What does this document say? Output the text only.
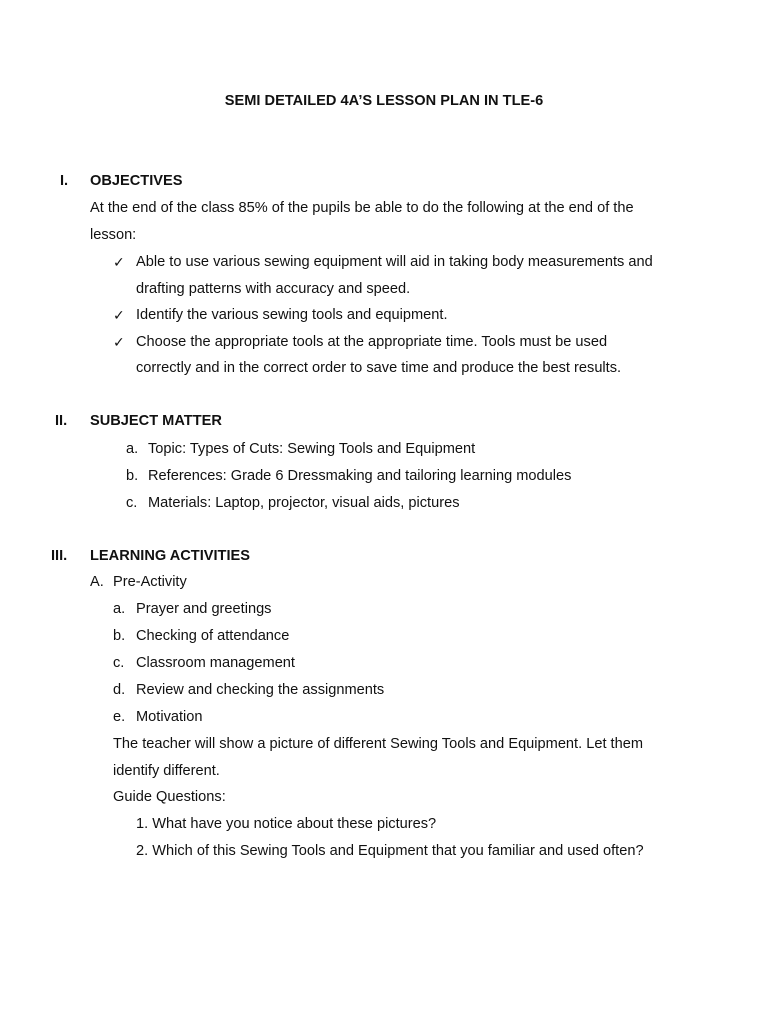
SEMI DETAILED 4A’S LESSON PLAN IN TLE-6
I. OBJECTIVES
At the end of the class 85% of the pupils be able to do the following at the end of the
lesson:
✓ Able to use various sewing equipment will aid in taking body measurements and
drafting patterns with accuracy and speed.
✓ Identify the various sewing tools and equipment.
✓ Choose the appropriate tools at the appropriate time. Tools must be used
correctly and in the correct order to save time and produce the best results.
II. SUBJECT MATTER
a. Topic: Types of Cuts: Sewing Tools and Equipment
b. References: Grade 6 Dressmaking and tailoring learning modules
c. Materials: Laptop, projector, visual aids, pictures
III. LEARNING ACTIVITIES
A. Pre-Activity
a. Prayer and greetings
b. Checking of attendance
c. Classroom management
d. Review and checking the assignments
e. Motivation
The teacher will show a picture of different Sewing Tools and Equipment. Let them
identify different.
Guide Questions:
1. What have you notice about these pictures?
2. Which of this Sewing Tools and Equipment that you familiar and used often?
